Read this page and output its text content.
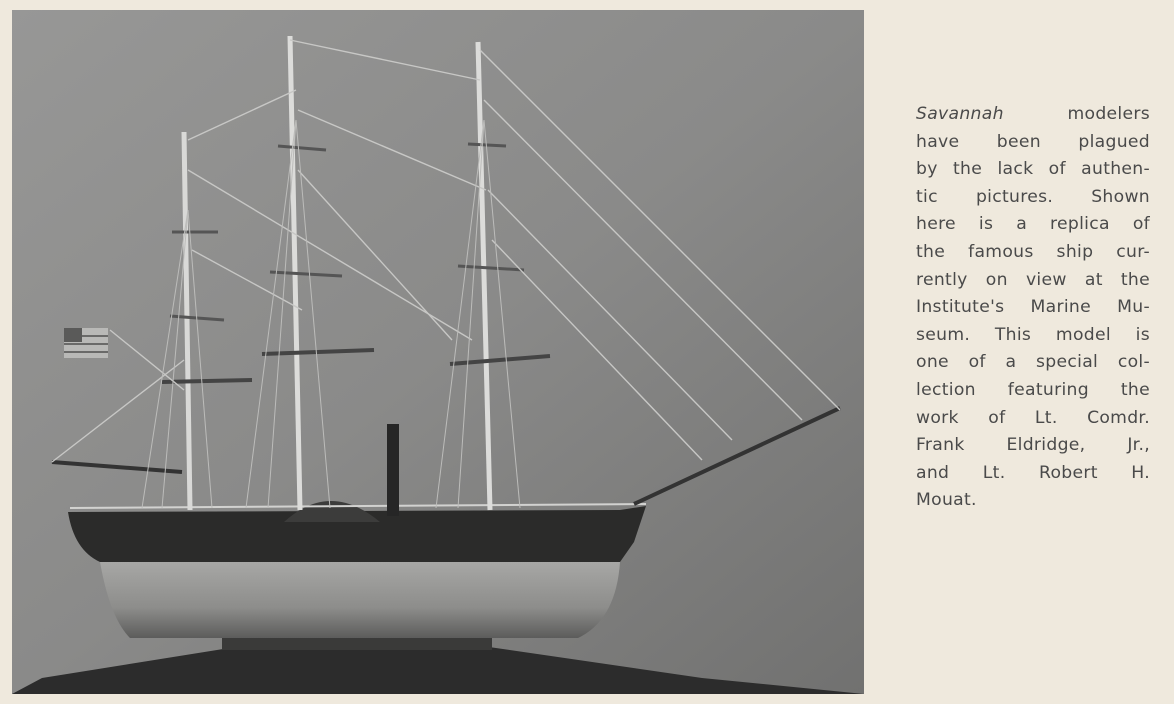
Savannah modelers
have been plagued
by the lack of authen-
tic pictures. Shown
here is a replica of
the famous ship cur-
rently on view at the
Institute's Marine Mu-
seum. This model is
one of a special col-
lection featuring the
work of Lt. Comdr.
Frank Eldridge, Jr.,
and Lt. Robert H.
Mouat.
